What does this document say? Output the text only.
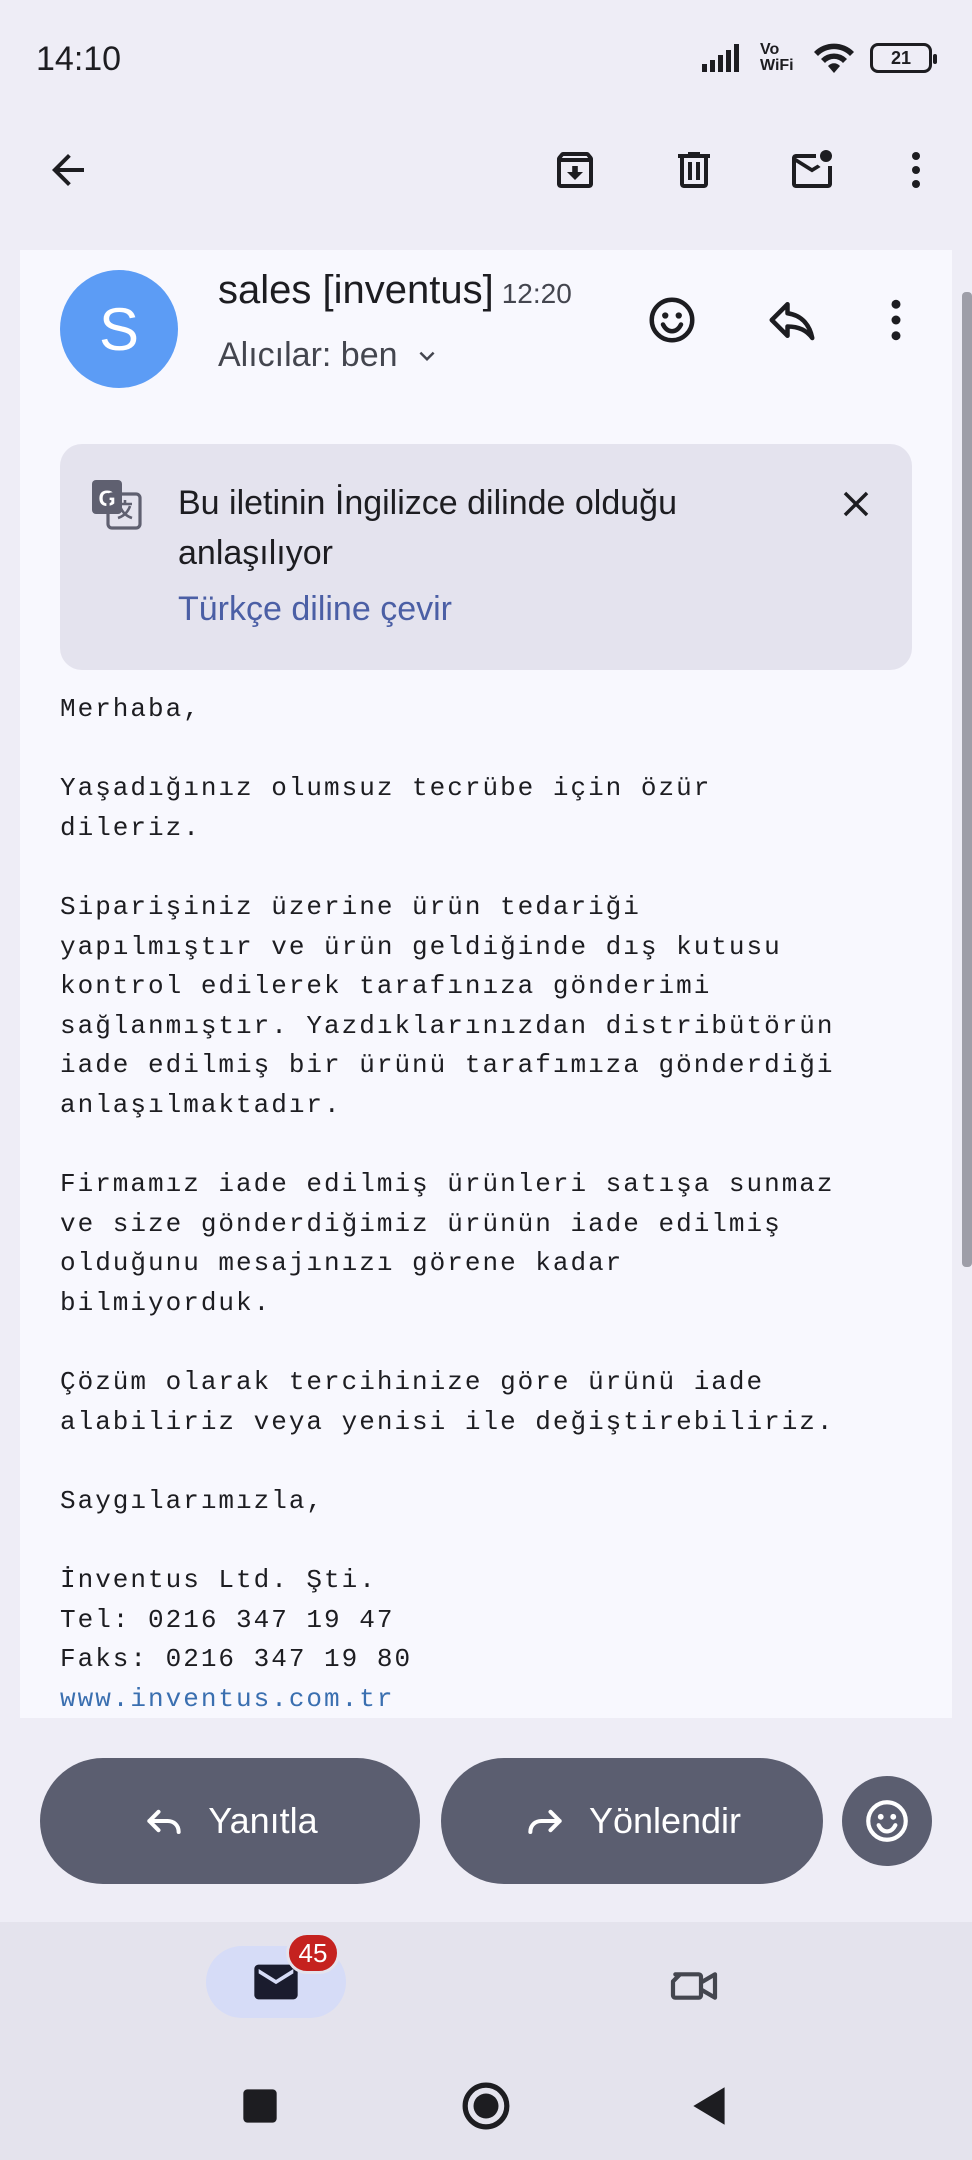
14:10	Vo WiFi	21
S
sales [inventus] 12:20
Alıcılar: ben
G Bu iletinin İngilizce dilinde olduğu anlaşılıyor
Türkçe diline çevir

Merhaba,

Yaşadığınız olumsuz tecrübe için özür
dileriz.

Siparişiniz üzerine ürün tedariği
yapılmıştır ve ürün geldiğinde dış kutusu
kontrol edilerek tarafınıza gönderimi
sağlanmıştır. Yazdıklarınızdan distribütörün
iade edilmiş bir ürünü tarafımıza gönderdiği
anlaşılmaktadır.

Firmamız iade edilmiş ürünleri satışa sunmaz
ve size gönderdiğimiz ürünün iade edilmiş
olduğunu mesajınızı görene kadar
bilmiyorduk.

Çözüm olarak tercihinize göre ürünü iade
alabiliriz veya yenisi ile değiştirebiliriz.

Saygılarımızla,

İnventus Ltd. Şti.

Tel: 0216 347 19 47

Faks: 0216 347 19 80

www.inventus.com.tr

Yanıtla	Yönlendir
45
